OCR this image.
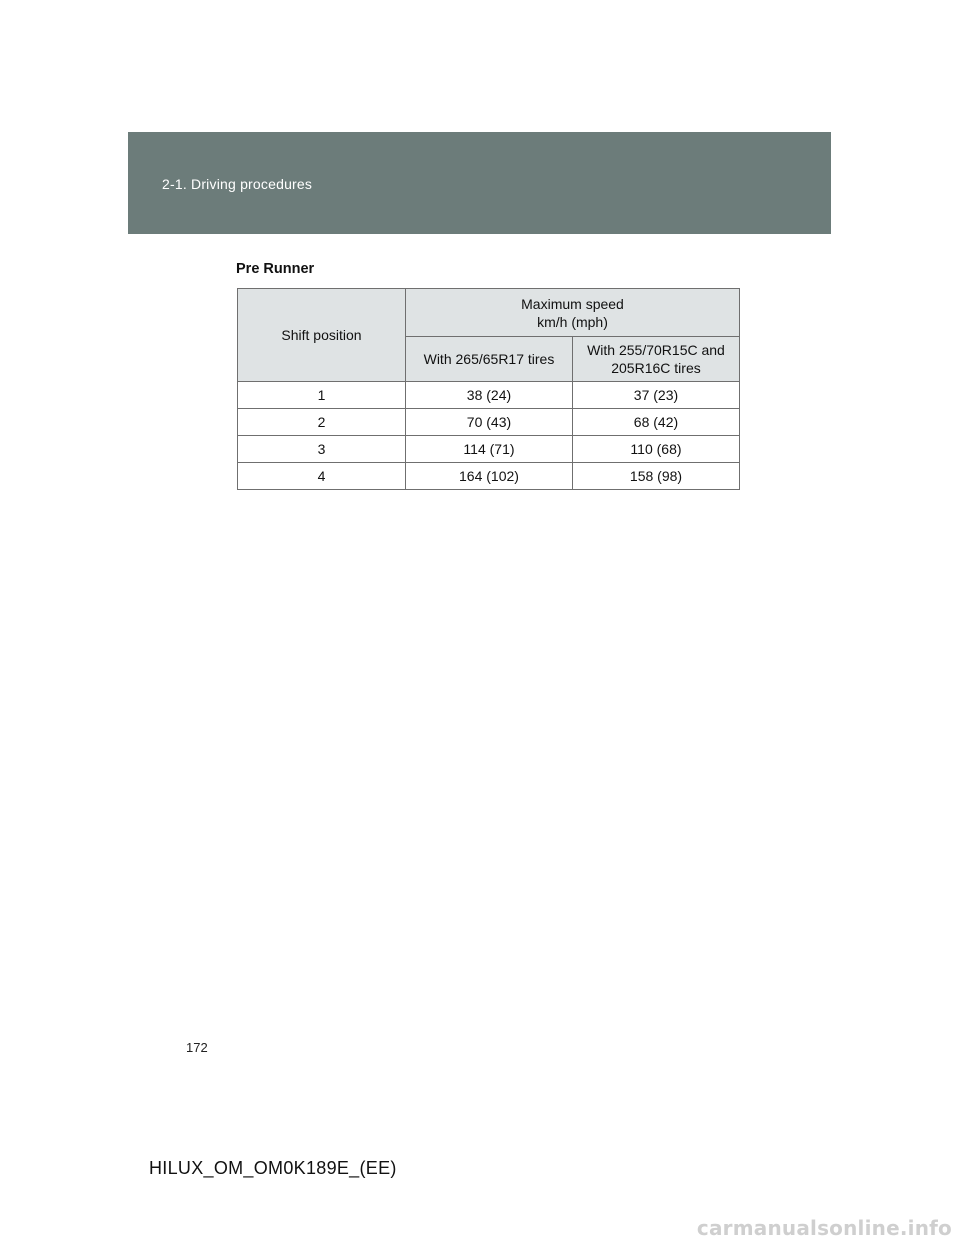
2-1. Driving procedures
Pre Runner
Shift position	Maximum speed
km/h (mph)	
	With 265/65R17 tires	With 255/70R15C and
205R16C tires
1	38 (24)	37 (23)
2	70 (43)	68 (42)
3	114 (71)	110 (68)
4	164 (102)	158 (98)
172
HILUX_OM_OM0K189E_(EE)
carmanualsonline.info
